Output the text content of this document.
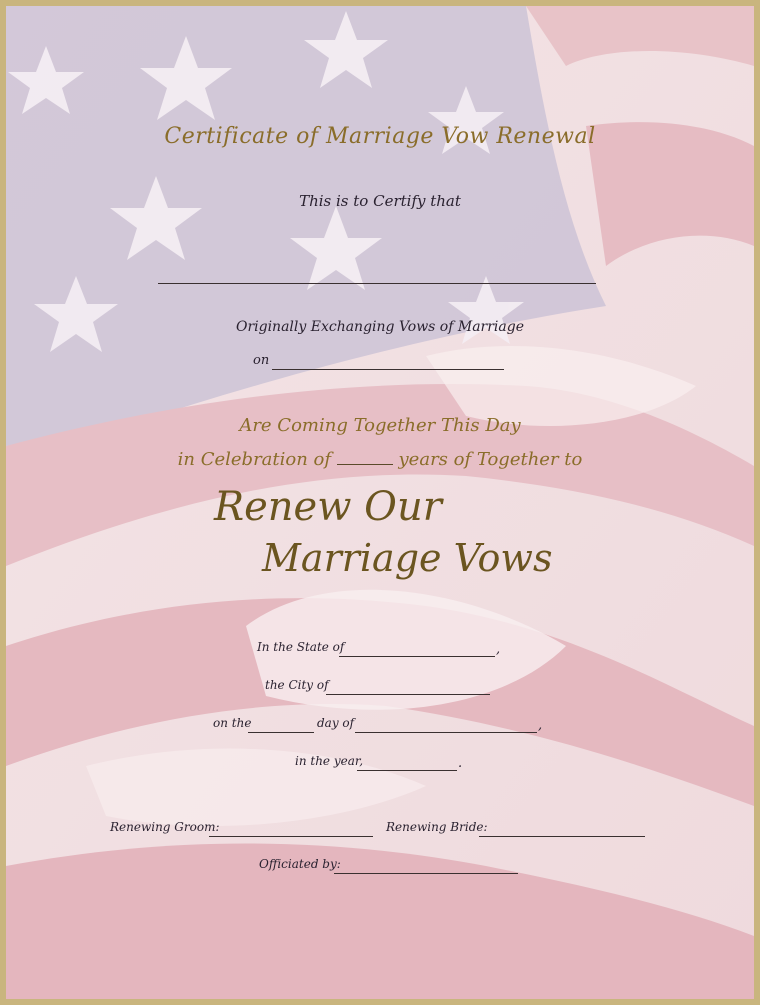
Certificate of Marriage Vow Renewal
This is to Certify that
Originally Exchanging Vows of Marriage
on
Are Coming Together This Day
in Celebration of	years of Together to
Renew Our
Marriage Vows
In the State of	,
the City of
on the	day of	,
in the year,	.
Renewing Groom:	Renewing Bride:
Officiated by:
